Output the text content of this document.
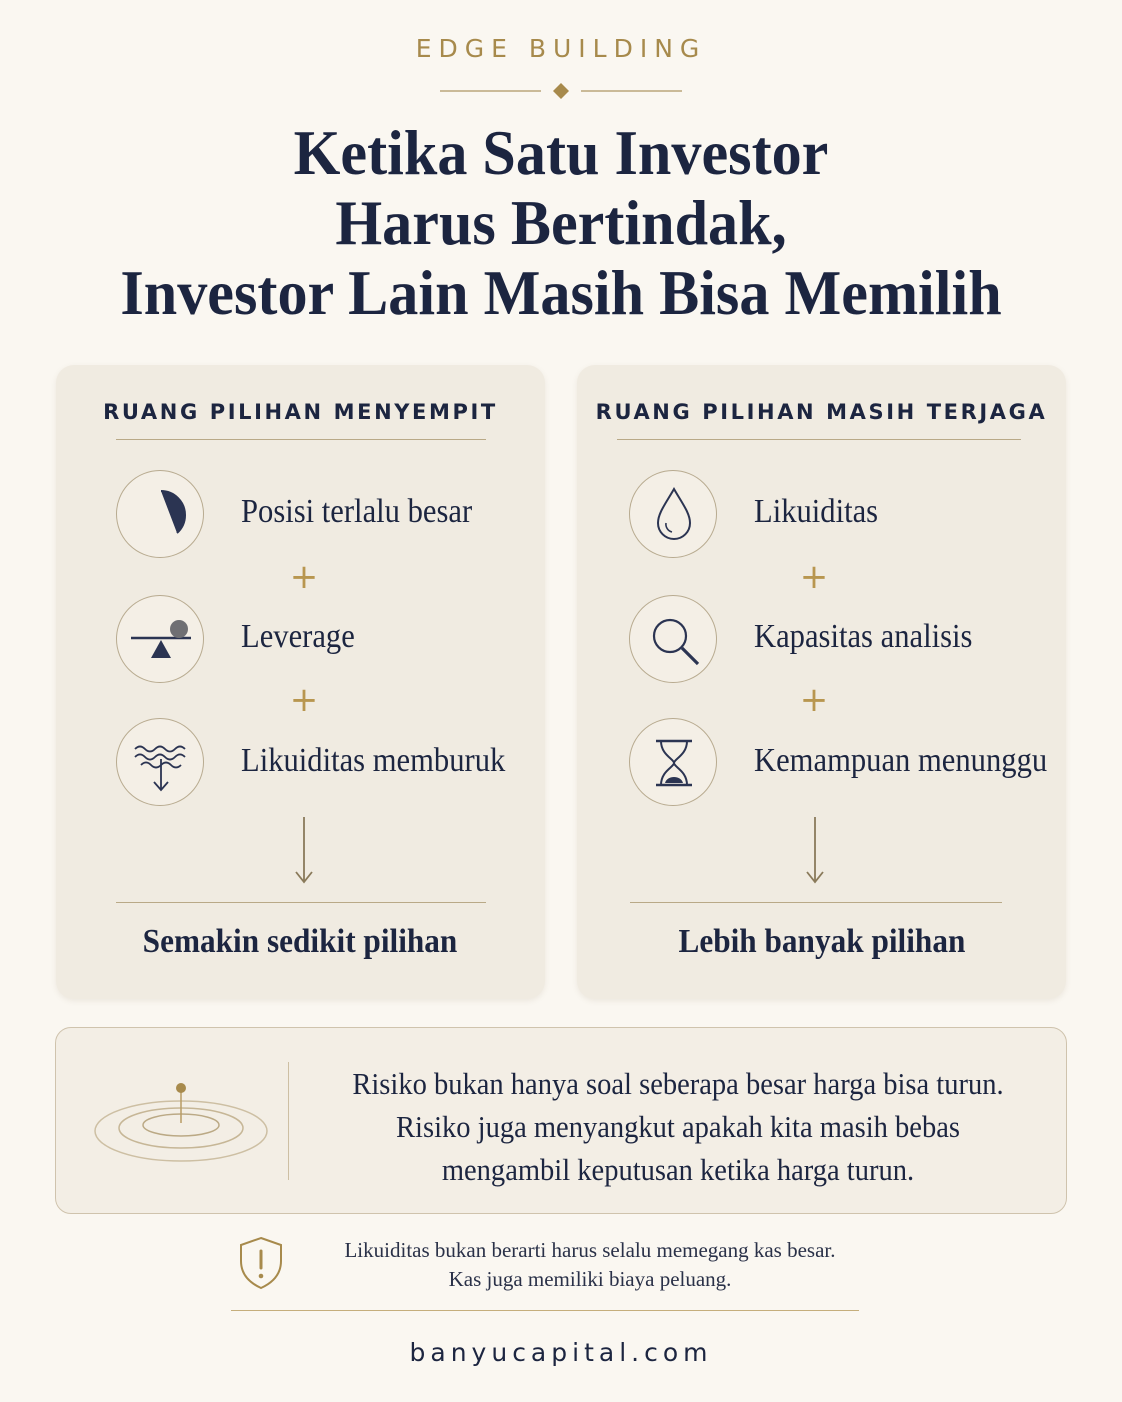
EDGE BUILDING
Ketika Satu Investor
Harus Bertindak,
Investor Lain Masih Bisa Memilih
RUANG PILIHAN MENYEMPIT
Posisi terlalu besar
+
Leverage
+
Likuiditas memburuk
Semakin sedikit pilihan
RUANG PILIHAN MASIH TERJAGA
Likuiditas
+
Kapasitas analisis
+
Kemampuan menunggu
Lebih banyak pilihan
Risiko bukan hanya soal seberapa besar harga bisa turun.
Risiko juga menyangkut apakah kita masih bebas
mengambil keputusan ketika harga turun.
Likuiditas bukan berarti harus selalu memegang kas besar.
Kas juga memiliki biaya peluang.
banyucapital.com
